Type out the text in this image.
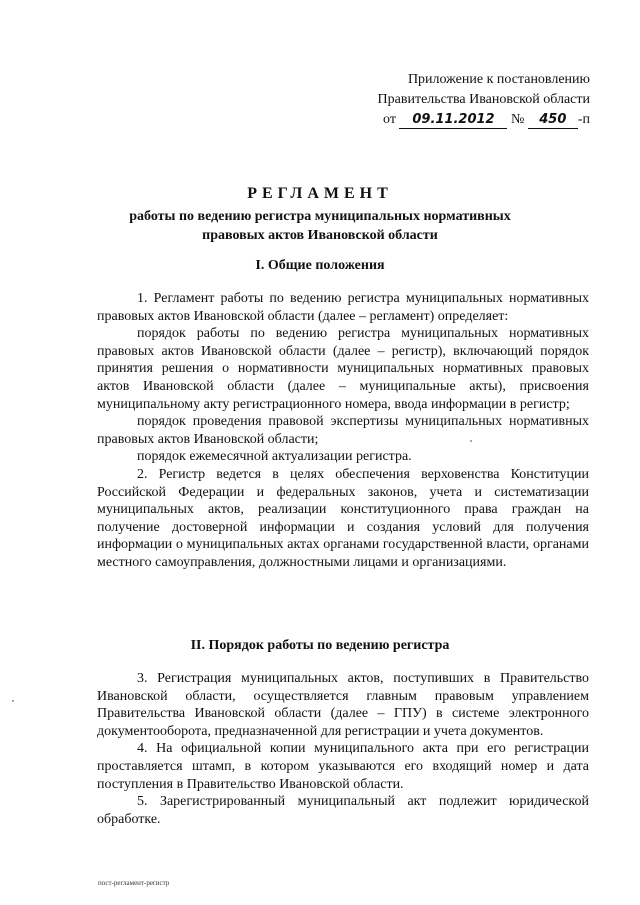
Приложение к постановлению
Правительства Ивановской области
от 09.11.2012 № 450 -п
РЕГЛАМЕНТ
работы по ведению регистра муниципальных нормативных правовых актов Ивановской области
I. Общие положения

1. Регламент работы по ведению регистра муниципальных нормативных правовых актов Ивановской области (далее – регламент) определяет:

порядок работы по ведению регистра муниципальных нормативных правовых актов Ивановской области (далее – регистр), включающий порядок принятия решения о нормативности муниципальных нормативных правовых актов Ивановской области (далее – муниципальные акты), присвоения муниципальному акту регистрационного номера, ввода информации в регистр;

порядок проведения правовой экспертизы муниципальных нормативных правовых актов Ивановской области;

порядок ежемесячной актуализации регистра.

2. Регистр ведется в целях обеспечения верховенства Конституции Российской Федерации и федеральных законов, учета и систематизации муниципальных актов, реализации конституционного права граждан на получение достоверной информации и создания условий для получения информации о муниципальных актах органами государственной власти, органами местного самоуправления, должностными лицами и организациями.

II. Порядок работы по ведению регистра

3. Регистрация муниципальных актов, поступивших в Правительство Ивановской области, осуществляется главным правовым управлением Правительства Ивановской области (далее – ГПУ) в системе электронного документооборота, предназначенной для регистрации и учета документов.

4. На официальной копии муниципального акта при его регистрации проставляется штамп, в котором указываются его входящий номер и дата поступления в Правительство Ивановской области.

5. Зарегистрированный муниципальный акт подлежит юридической обработке.

пост-регламент-регистр
